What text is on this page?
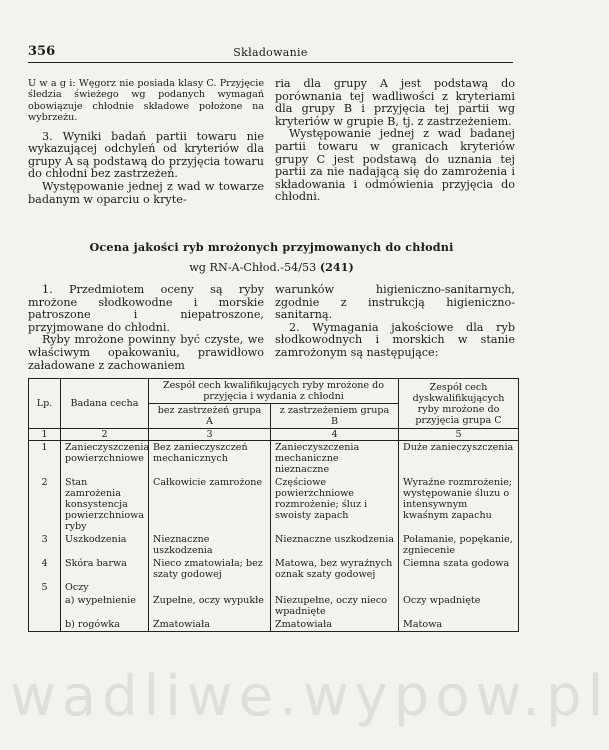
356	Składowanie

U w a g i: Węgorz nie posiada klasy C. Przyjęcie śledzia świeżego wg podanych wymagań obowiązuje chłodnie składowe położone na wybrzeżu.

3. Wyniki badań partii towaru nie wykazującej odchyleń od kryteriów dla grupy A są podstawą do przyjęcia towaru do chłodni bez zastrzeżeń.

Występowanie jednej z wad w towarze badanym w oparciu o kryte-

ria dla grupy A jest podstawą do porównania tej wadliwości z kryteriami dla grupy B i przyjęcia tej partii wg kryteriów w grupie B, tj. z zastrzeżeniem.

Występowanie jednej z wad badanej partii towaru w granicach kryteriów grupy C jest podstawą do uznania tej partii za nie nadającą się do zamrożenia i składowania i odmówienia przyjęcia do chłodni.

Ocena jakości ryb mrożonych przyjmowanych do chłodni
wg RN-A-Chłod.-54/53 (241)

1. Przedmiotem oceny są ryby mrożone słodkowodne i morskie patroszone i niepatroszone, przyjmowane do chłodni.

Ryby mrożone powinny być czyste, we właściwym opakowaniu, prawidłowo załadowane z zachowaniem

warunków higieniczno-sanitarnych, zgodnie z instrukcją higieniczno-sanitarną.

2. Wymagania jakościowe dla ryb słodkowodnych i morskich w stanie zamrożonym są następujące:

Lp.	Badana cecha	Zespół cech kwalifikujących ryby mrożone do przyjęcia i wydania z chłodni		Zespół cech dyskwalifikujących ryby mrożone do przyjęcia grupa C
		bez zastrzeżeń grupa A	z zastrzeżeniem grupa B	
1	2	3	4	5
1	Zanieczyszczenia powierzchniowe	Bez zanieczyszczeń mechanicznych	Zanieczyszczenia mechaniczne nieznaczne	Duże zanieczyszczenia
2	Stan zamrożenia konsystencja powierzchniowa ryby	Całkowicie zamrożone	Częściowe powierzchniowe rozmrożenie; śluz i swoisty zapach	Wyraźne rozmrożenie; występowanie śluzu o intensywnym kwaśnym zapachu
3	Uszkodzenia	Nieznaczne uszkodzenia	Nieznaczne uszkodzenia	Połamanie, popękanie, zgniecenie
4	Skóra barwa	Nieco zmatowiała; bez szaty godowej	Matowa, bez wyraźnych oznak szaty godowej	Ciemna szata godowa
5	Oczy			
	a) wypełnienie	Zupełne, oczy wypukłe	Niezupełne, oczy nieco wpadnięte	Oczy wpadnięte
	b) rogówka	Zmatowiała	Zmatowiała	Matowa
wadliwe.wypow.pl
